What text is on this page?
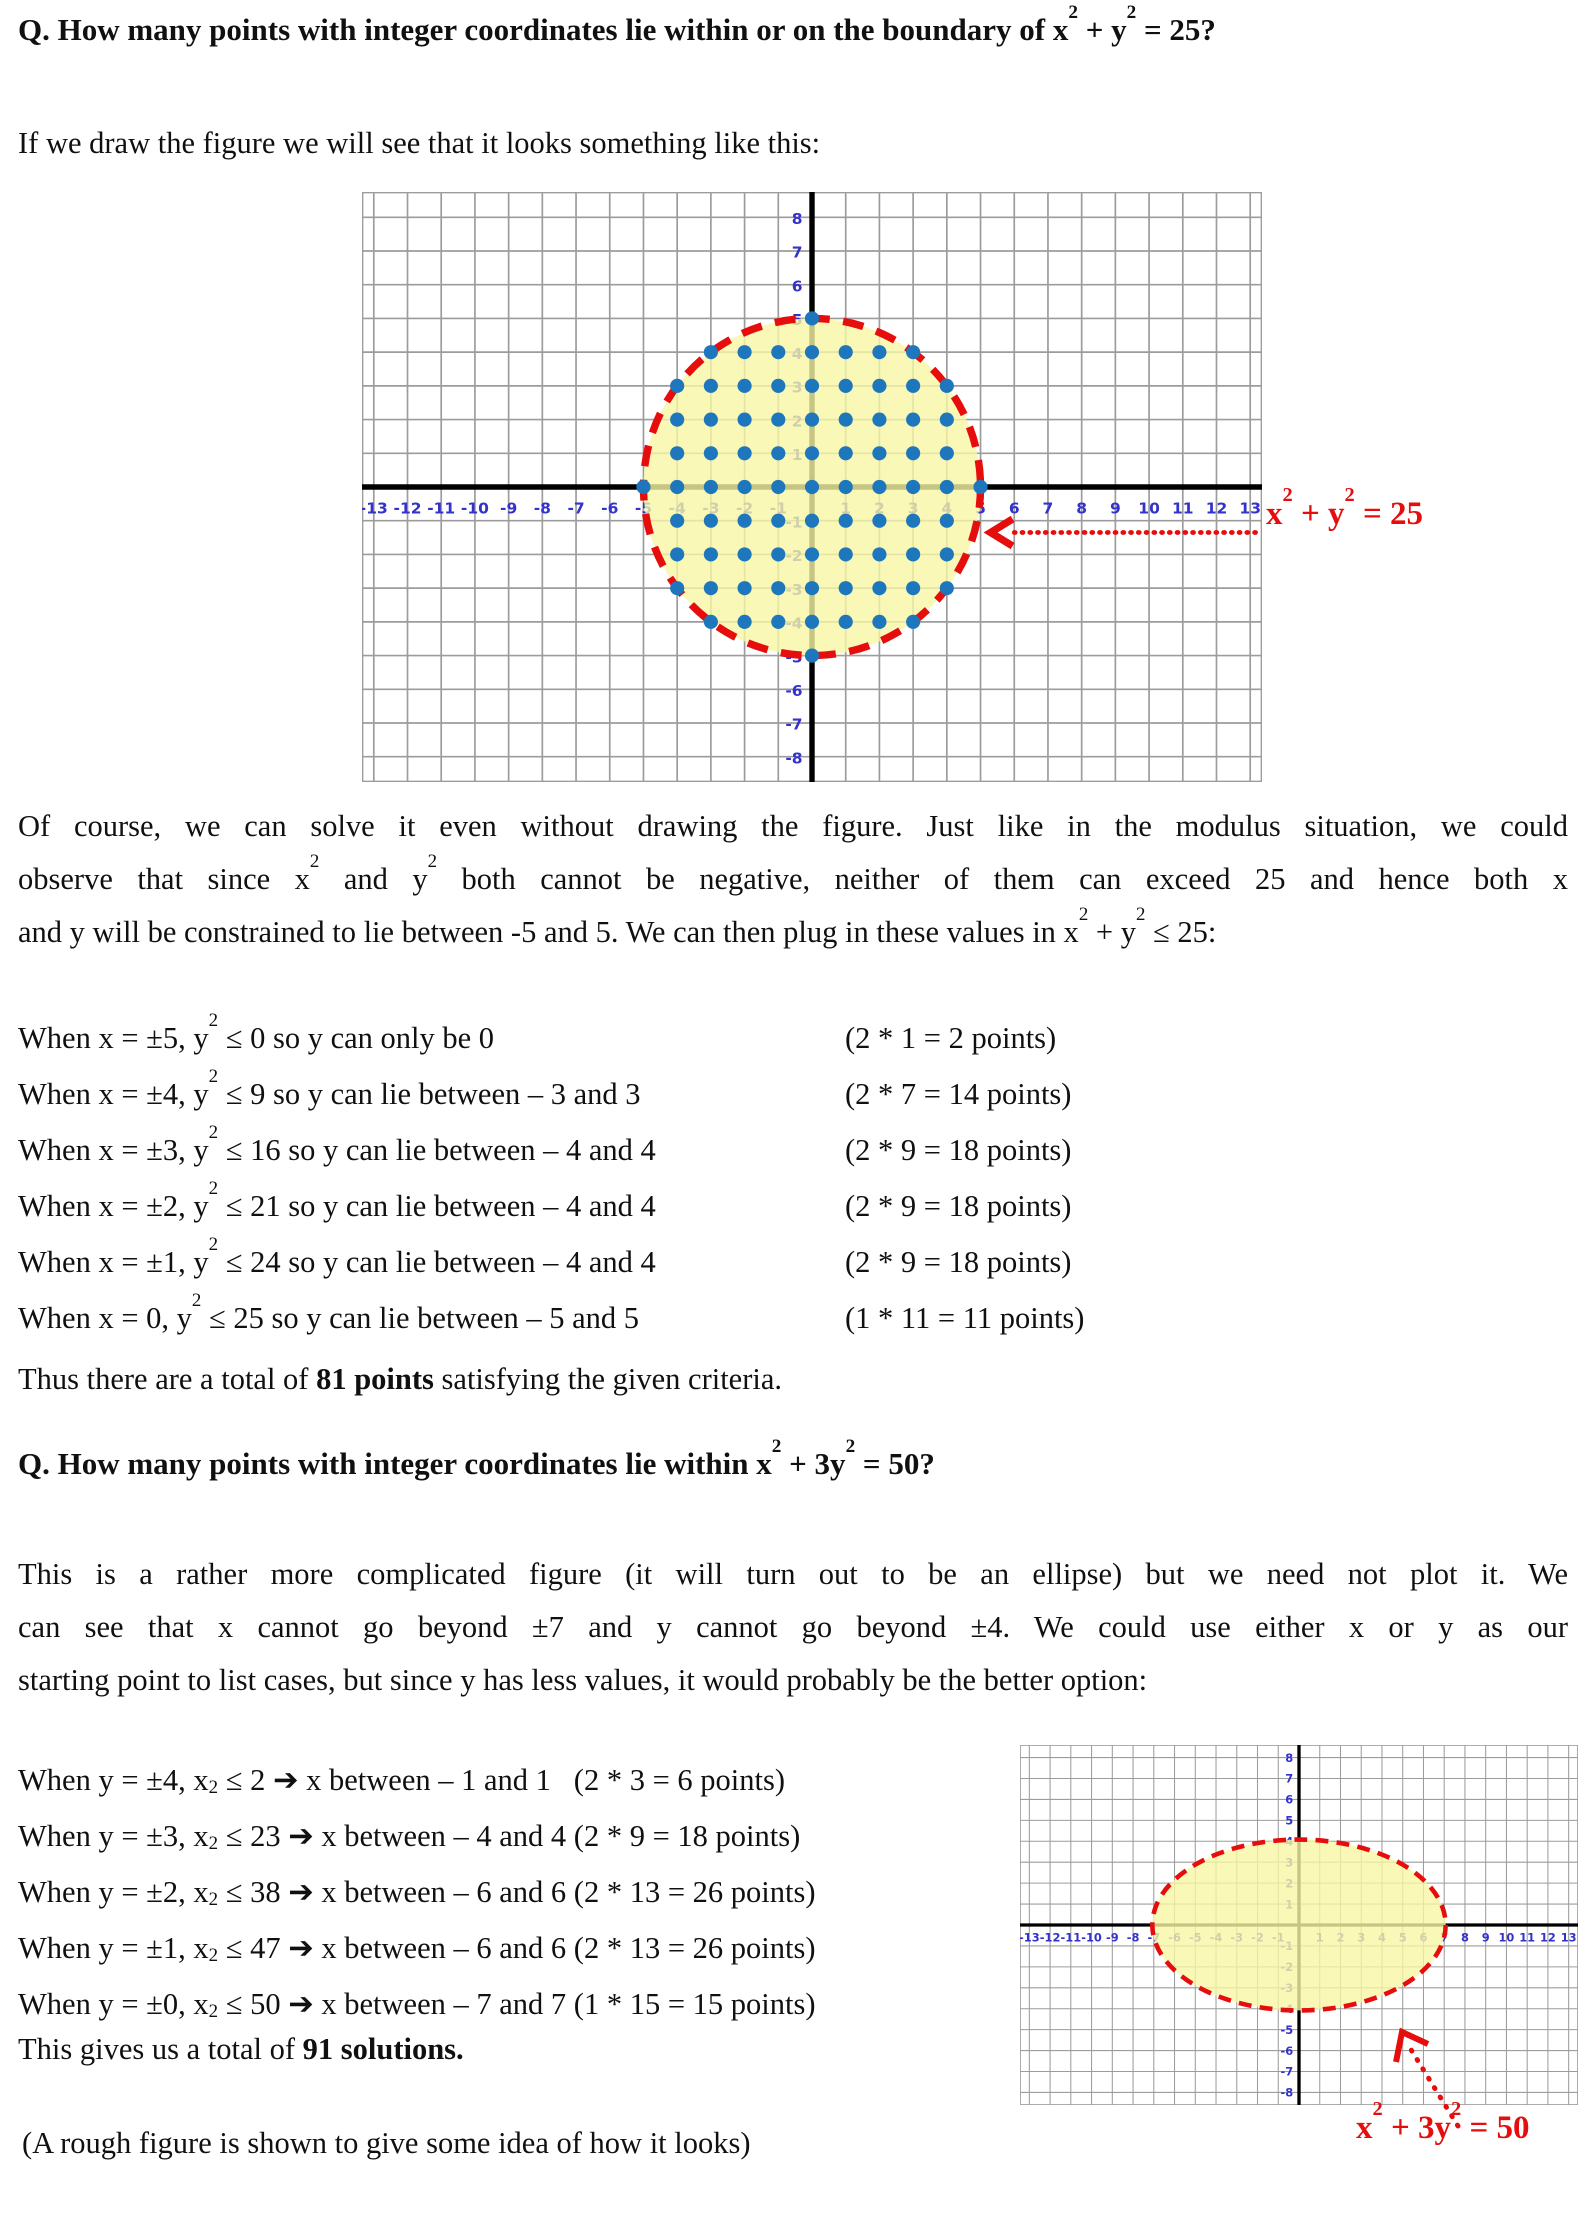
Q. How many points with integer coordinates lie within or on the boundary of $x^2 + y^2 = 25$?
If we draw the figure we will see that it looks something like this:
$x^2 + y^2 = 25$
Of course, we can solve it even without drawing the figure. Just like in the modulus situation, we could
observe that since $x^2$ and $y^2$ both cannot be negative, neither of them can exceed 25 and hence both x
and y will be constrained to lie between -5 and 5. We can then plug in these values in $x^2 + y^2 \le 25$:
When x = ±5, $y^2 \le 0$ so y can only be 0	(2 * 1 = 2 points)
When x = ±4, $y^2 \le 9$ so y can lie between – 3 and 3	(2 * 7 = 14 points)
When x = ±3, $y^2 \le 16$ so y can lie between – 4 and 4	(2 * 9 = 18 points)
When x = ±2, $y^2 \le 21$ so y can lie between – 4 and 4	(2 * 9 = 18 points)
When x = ±1, $y^2 \le 24$ so y can lie between – 4 and 4	(2 * 9 = 18 points)
When x = 0, $y^2 \le 25$ so y can lie between – 5 and 5	(1 * 11 = 11 points)
Thus there are a total of 81 points satisfying the given criteria.
Q. How many points with integer coordinates lie within $x^2 + 3y^2 = 50$?
This is a rather more complicated figure (it will turn out to be an ellipse) but we need not plot it. We
can see that x cannot go beyond ±7 and y cannot go beyond ±4. We could use either x or y as our
starting point to list cases, but since y has less values, it would probably be the better option:
When y = ±4, $x^2 \le 2$ ➔ x between – 1 and 1   (2 * 3 = 6 points)
When y = ±3, $x^2 \le 23$ ➔ x between – 4 and 4 (2 * 9 = 18 points)
When y = ±2, $x^2 \le 38$ ➔ x between – 6 and 6 (2 * 13 = 26 points)
When y = ±1, $x^2 \le 47$ ➔ x between – 6 and 6 (2 * 13 = 26 points)
When y = ±0, $x^2 \le 50$ ➔ x between – 7 and 7 (1 * 15 = 15 points)
This gives us a total of 91 solutions.
(A rough figure is shown to give some idea of how it looks)	$x^2 + 3y^2 = 50$
